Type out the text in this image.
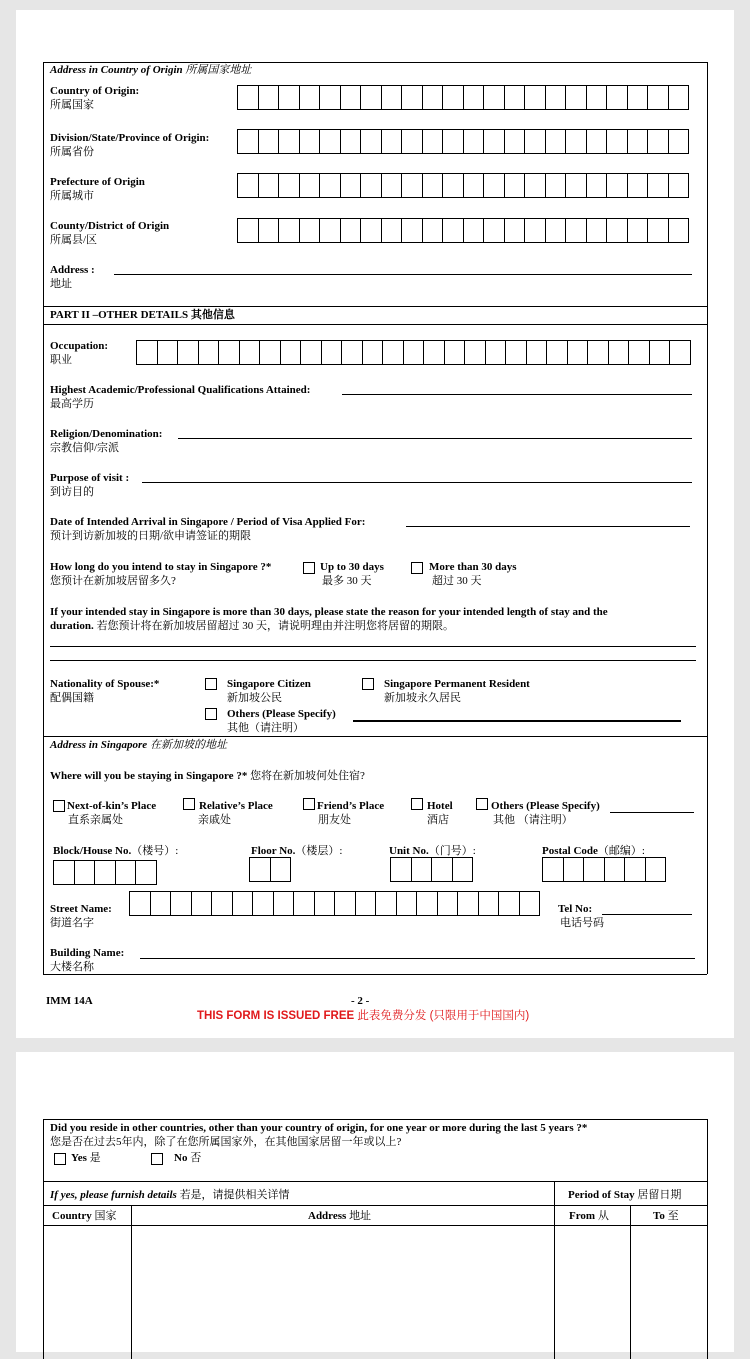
Address in Country of Origin 所属国家地址
Country of Origin:
所属国家
Division/State/Province of Origin:
所属省份
Prefecture of Origin
所属城市
County/District of Origin
所属县/区
Address :
地址
PART II –OTHER DETAILS 其他信息
Occupation:
职业
Highest Academic/Professional Qualifications Attained:
最高学历
Religion/Denomination:
宗教信仰/宗派
Purpose of visit :
到访目的
Date of Intended Arrival in Singapore / Period of Visa Applied For:
预计到访新加坡的日期/欲申请签证的期限
How long do you intend to stay in Singapore ?*
您预计在新加坡居留多久?
Up to 30 days
最多 30 天
More than 30 days
超过 30 天
If your intended stay in Singapore is more than 30 days, please state the reason for your intended length of stay and the
duration. 若您预计将在新加坡居留超过 30 天，请说明理由并注明您将居留的期限。
Nationality of Spouse:*
配偶国籍
Singapore Citizen
新加坡公民
Singapore Permanent Resident
新加坡永久居民
Others (Please Specify)
其他（请注明）
Address in Singapore 在新加坡的地址
Where will you be staying in Singapore ?* 您将在新加坡何处住宿?
Next-of-kin’s Place
直系亲属处
Relative’s Place
亲戚处
Friend’s Place
朋友处
Hotel
酒店
Others (Please Specify)
其他 （请注明）
Block/House No.（楼号）:	Floor No.（楼层）:	Unit No.（门号）:	Postal Code（邮编）:
Street Name:
街道名字
Tel No:
电话号码
Building Name:
大楼名称
IMM 14A	- 2 -
THIS FORM IS ISSUED FREE 此表免费分发 (只限用于中国国内)
Did you reside in other countries, other than your country of origin, for one year or more during the last 5 years ?*
您是否在过去5年内，除了在您所属国家外，在其他国家居留一年或以上?
Yes 是	No 否
If yes, please furnish details 若是，请提供相关详情	Period of Stay 居留日期
Country 国家	Address 地址	From 从	To 至
